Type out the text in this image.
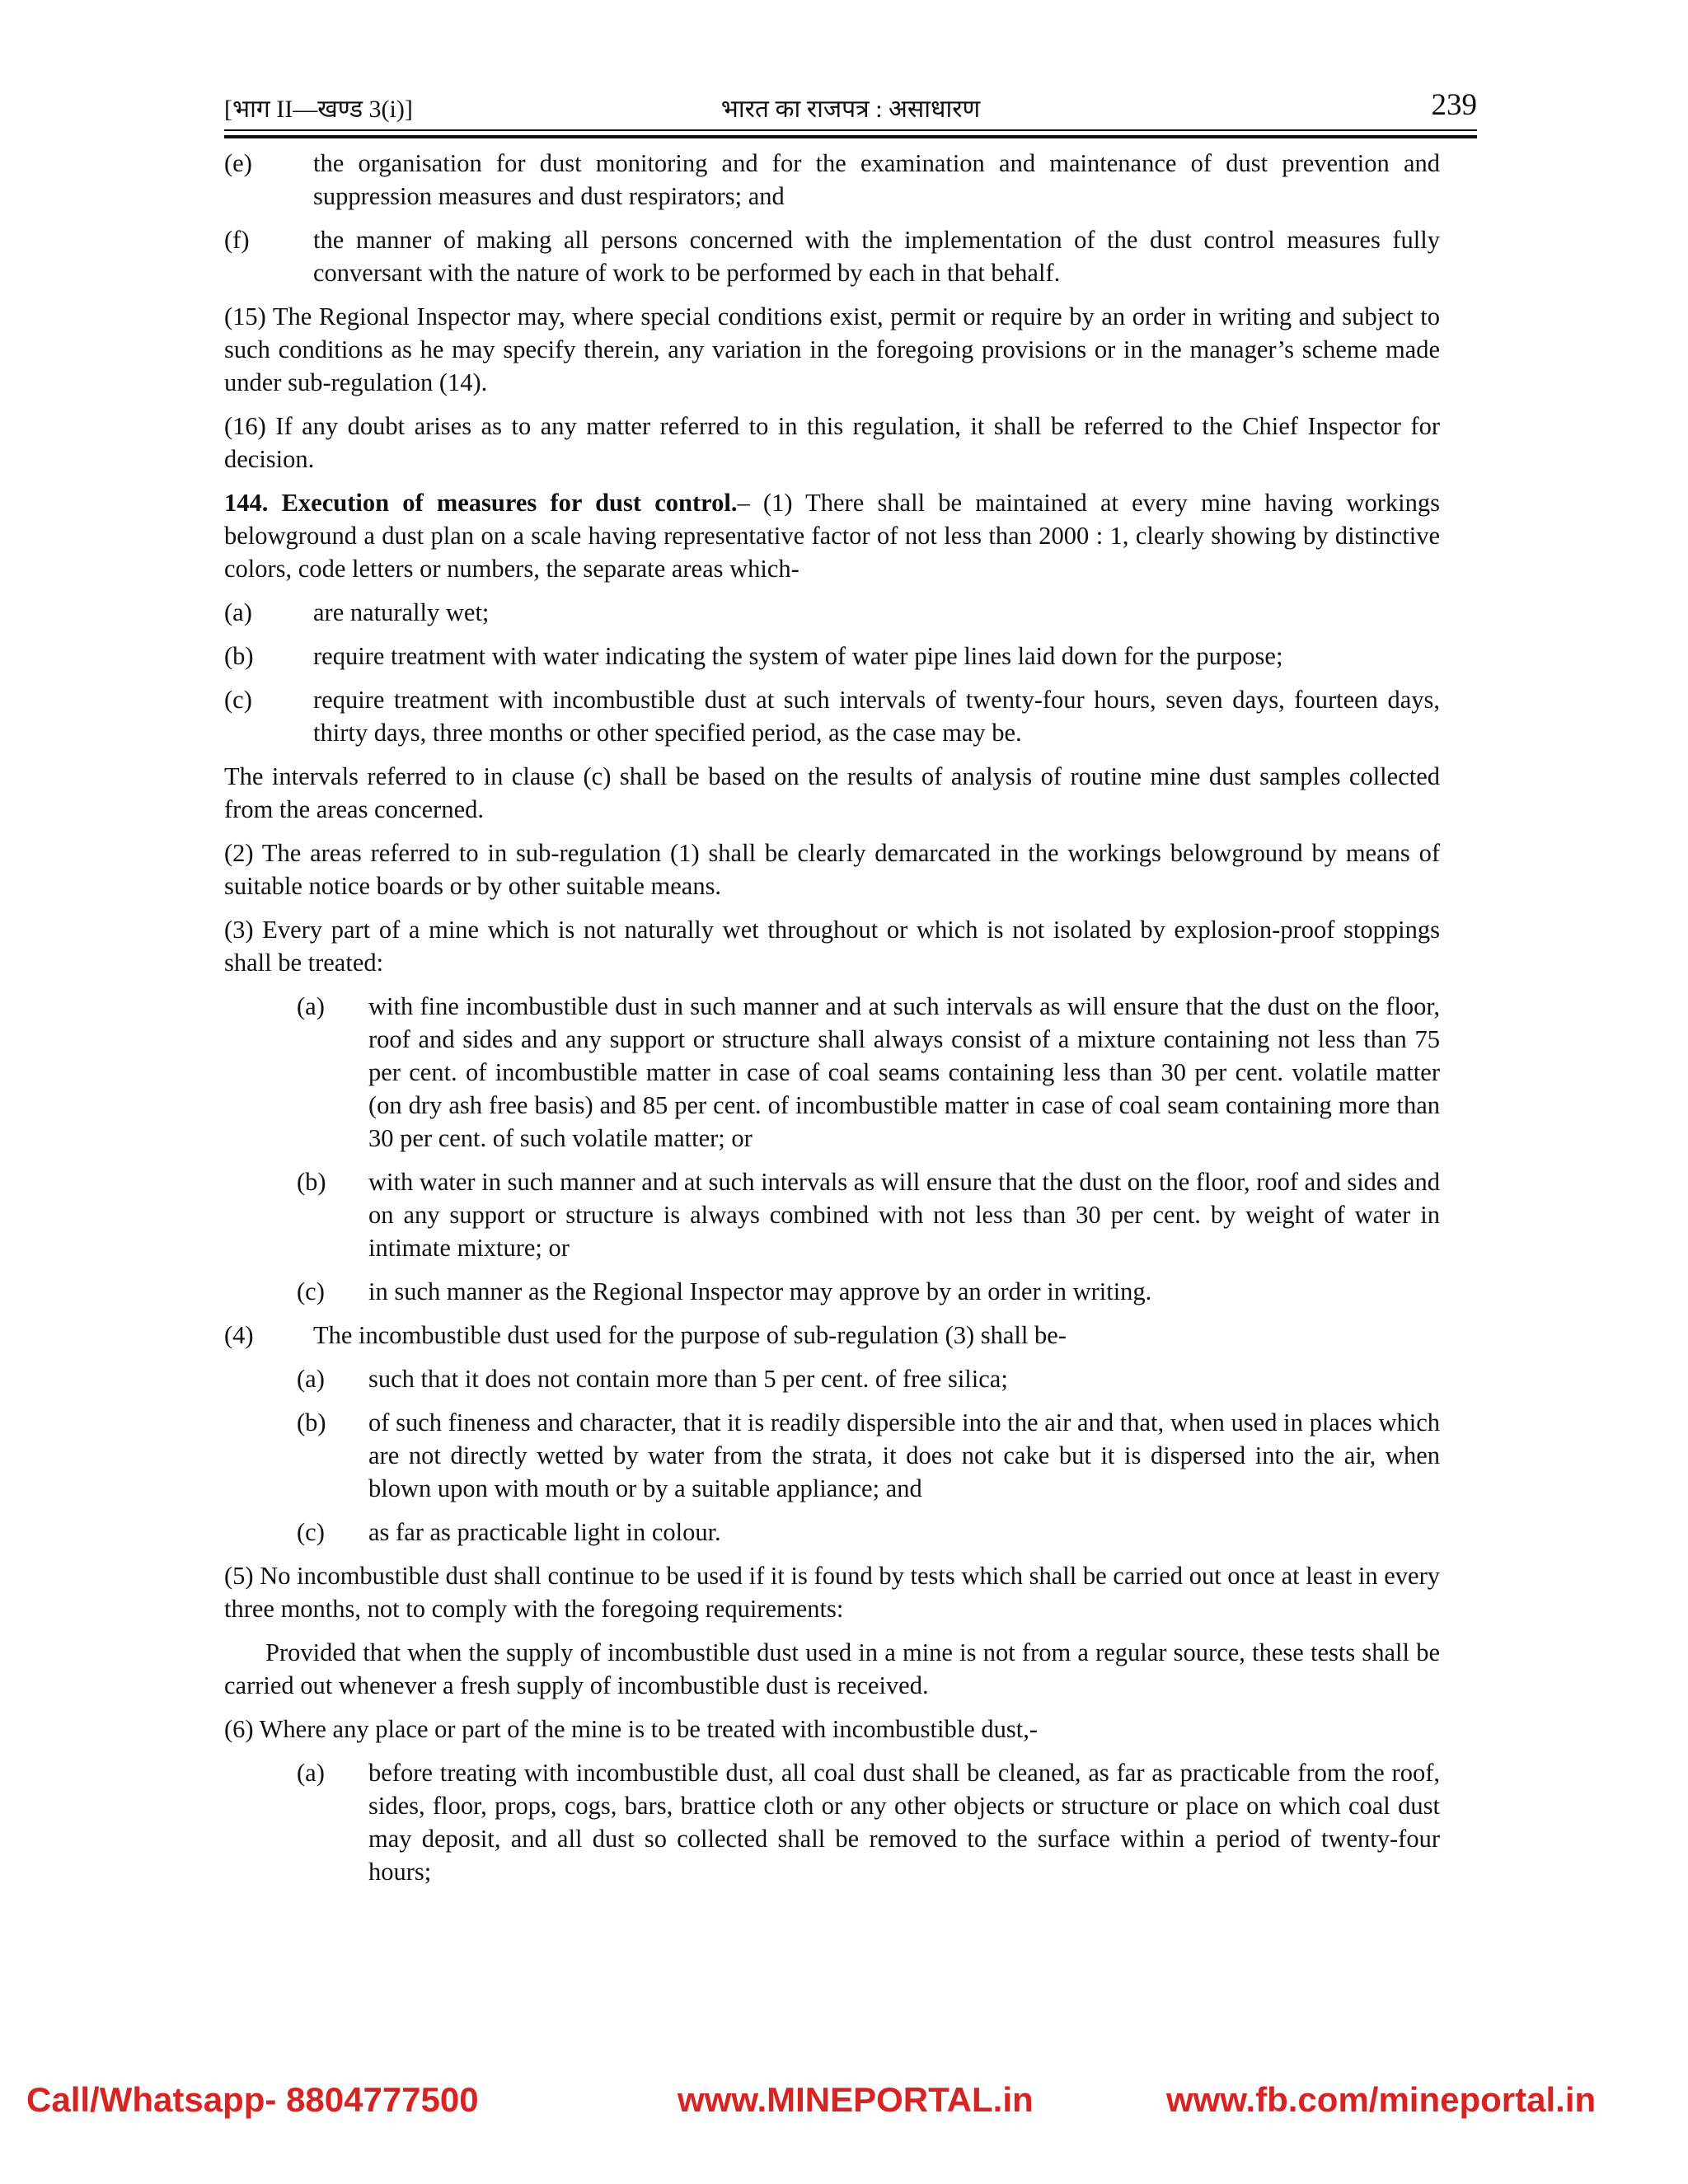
[भाग II—खण्ड 3(i)]	भारत का राजपत्र : असाधारण	239
(e) the organisation for dust monitoring and for the examination and maintenance of dust prevention and suppression measures and dust respirators; and
(f)	the manner of making all persons concerned with the implementation of the dust control measures fully conversant with the nature of work to be performed by each in that behalf.

(15) The Regional Inspector may, where special conditions exist, permit or require by an order in writing and subject to such conditions as he may specify therein, any variation in the foregoing provisions or in the manager’s scheme made under sub-regulation (14).

(16) If any doubt arises as to any matter referred to in this regulation, it shall be referred to the Chief Inspector for decision.

144. Execution of measures for dust control.– (1) There shall be maintained at every mine having workings belowground a dust plan on a scale having representative factor of not less than 2000 : 1, clearly showing by distinctive colors, code letters or numbers, the separate areas which-

(a) are naturally wet;
(b) require treatment with water indicating the system of water pipe lines laid down for the purpose;
(c) require treatment with incombustible dust at such intervals of twenty-four hours, seven days, fourteen days, thirty days, three months or other specified period, as the case may be.

The intervals referred to in clause (c) shall be based on the results of analysis of routine mine dust samples collected from the areas concerned.

(2) The areas referred to in sub-regulation (1) shall be clearly demarcated in the workings belowground by means of suitable notice boards or by other suitable means.

(3) Every part of a mine which is not naturally wet throughout or which is not isolated by explosion-proof stoppings shall be treated:

(a) with fine incombustible dust in such manner and at such intervals as will ensure that the dust on the floor, roof and sides and any support or structure shall always consist of a mixture containing not less than 75 per cent. of incombustible matter in case of coal seams containing less than 30 per cent. volatile matter (on dry ash free basis) and 85 per cent. of incombustible matter in case of coal seam containing more than 30 per cent. of such volatile matter; or
(b) with water in such manner and at such intervals as will ensure that the dust on the floor, roof and sides and on any support or structure is always combined with not less than 30 per cent. by weight of water in intimate mixture; or
(c) in such manner as the Regional Inspector may approve by an order in writing.
(4) The incombustible dust used for the purpose of sub-regulation (3) shall be-
(a) such that it does not contain more than 5 per cent. of free silica;
(b) of such fineness and character, that it is readily dispersible into the air and that, when used in places which are not directly wetted by water from the strata, it does not cake but it is dispersed into the air, when blown upon with mouth or by a suitable appliance; and
(c) as far as practicable light in colour.

(5) No incombustible dust shall continue to be used if it is found by tests which shall be carried out once at least in every three months, not to comply with the foregoing requirements:

Provided that when the supply of incombustible dust used in a mine is not from a regular source, these tests shall be carried out whenever a fresh supply of incombustible dust is received.

(6) Where any place or part of the mine is to be treated with incombustible dust,-

(a) before treating with incombustible dust, all coal dust shall be cleaned, as far as practicable from the roof, sides, floor, props, cogs, bars, brattice cloth or any other objects or structure or place on which coal dust may deposit, and all dust so collected shall be removed to the surface within a period of twenty-four hours;
Call/Whatsapp- 8804777500	www.MINEPORTAL.in	www.fb.com/mineportal.in
